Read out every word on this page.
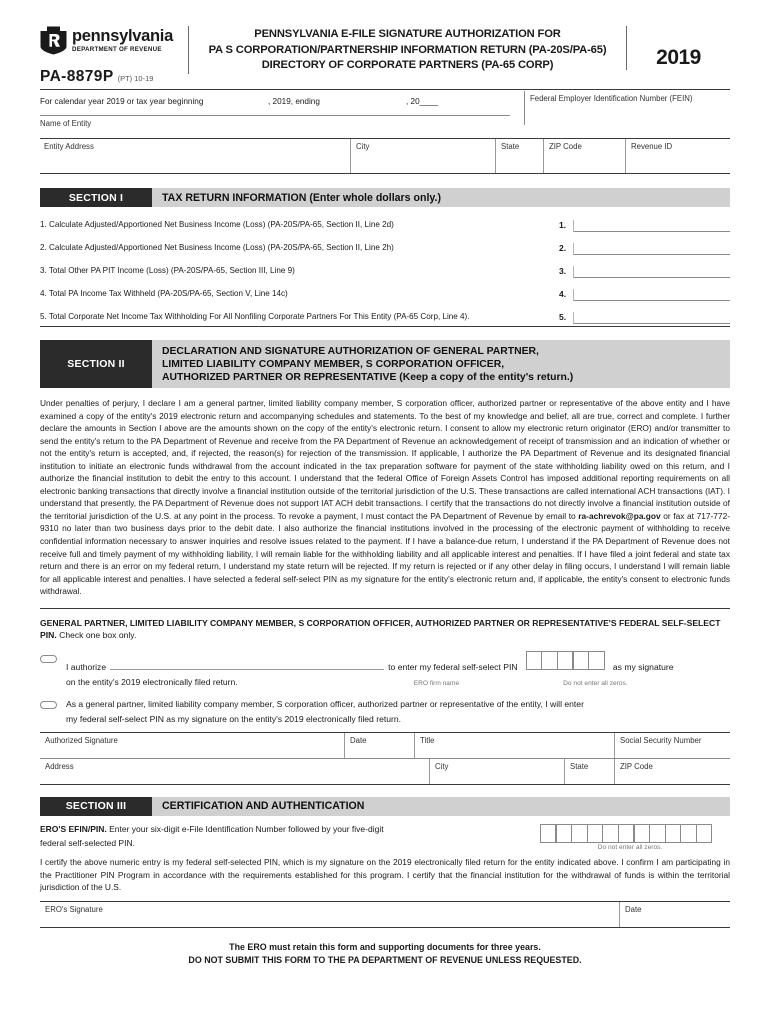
pennsylvania
DEPARTMENT OF REVENUE
PA-8879P (PT) 10-19
PENNSYLVANIA E-FILE SIGNATURE AUTHORIZATION FOR
PA S CORPORATION/PARTNERSHIP INFORMATION RETURN (PA-20S/PA-65)
DIRECTORY OF CORPORATE PARTNERS (PA-65 CORP)	2019
Federal Employer Identification Number (FEIN)
For calendar year 2019 or tax year beginning	, 2019, ending	, 20____
Name of Entity
Entity Address	City	State	ZIP Code	Revenue ID
SECTION I	TAX RETURN INFORMATION (Enter whole dollars only.)
1. Calculate Adjusted/Apportioned Net Business Income (Loss) (PA-20S/PA-65, Section II, Line 2d)	1.
2. Calculate Adjusted/Apportioned Net Business Income (Loss) (PA-20S/PA-65, Section II, Line 2h)	2.
3. Total Other PA PIT Income (Loss) (PA-20S/PA-65, Section III, Line 9)	3.
4. Total PA Income Tax Withheld (PA-20S/PA-65, Section V, Line 14c)	4.
5. Total Corporate Net Income Tax Withholding For All Nonfiling Corporate Partners For This Entity (PA-65 Corp, Line 4).	5.
SECTION II
DECLARATION AND SIGNATURE AUTHORIZATION OF GENERAL PARTNER,
LIMITED LIABILITY COMPANY MEMBER, S CORPORATION OFFICER,
AUTHORIZED PARTNER OR REPRESENTATIVE (Keep a copy of the entity's return.)
Under penalties of perjury, I declare I am a general partner, limited liability company member, S corporation officer, authorized partner or representative of the above entity and I have examined a copy of the entity's 2019 electronic return and accompanying schedules and statements. To the best of my knowledge and belief, all are true, correct and complete. I further declare the amounts in Section I above are the amounts shown on the copy of the entity's electronic return. I consent to allow my electronic return originator (ERO) and/or transmitter to send the entity's return to the PA Department of Revenue and receive from the PA Department of Revenue an acknowledgement of receipt of transmission and an indication of whether or not the entity's return is accepted, and, if rejected, the reason(s) for rejection of the transmission. If applicable, I authorize the PA Department of Revenue and its designated financial institution to initiate an electronic funds withdrawal from the account indicated in the tax preparation software for payment of the state withholding liability owed on this return, and I authorize the financial institution to debit the entry to this account. I understand that the federal Office of Foreign Assets Control has imposed additional reporting requirements on all electronic banking transactions that directly involve a financial institution outside of the territorial jurisdiction of the U.S. These transactions are called international ACH transactions (IAT). I understand that presently, the PA Department of Revenue does not support IAT ACH debit transactions. I certify that the transactions do not directly involve a financial institution outside of the territorial jurisdiction of the U.S. at any point in the process. To revoke a payment, I must contact the PA Department of Revenue by email to ra-achrevok@pa.gov or fax at 717-772-9310 no later than two business days prior to the debit date. I also authorize the financial institutions involved in the processing of the electronic payment of withholding to receive confidential information necessary to answer inquiries and resolve issues related to the payment. If I have a balance-due return, I understand if the PA Department of Revenue does not receive full and timely payment of my withholding liability, I will remain liable for the withholding liability and all applicable interest and penalties. If I have filed a joint federal and state tax return and there is an error on my federal return, I understand my state return will be rejected. If my return is rejected or if any other delay in filing occurs, I understand I will remain liable for all applicable interest and penalties. I have selected a federal self-select PIN as my signature for the entity's electronic return and, if applicable, the entity's consent to electronic funds withdrawal.
GENERAL PARTNER, LIMITED LIABILITY COMPANY MEMBER, S CORPORATION OFFICER, AUTHORIZED PARTNER OR REPRESENTATIVE'S FEDERAL SELF-SELECT PIN. Check one box only.
I authorize	to enter my federal self-select PIN	as my signature
on the entity's 2019 electronically filed return.	ERO firm name	Do not enter all zeros.
As a general partner, limited liability company member, S corporation officer, authorized partner or representative of the entity, I will enter
my federal self-select PIN as my signature on the entity's 2019 electronically filed return.
Authorized Signature	Date	Title	Social Security Number
Address	City	State	ZIP Code
SECTION III	CERTIFICATION AND AUTHENTICATION
ERO'S EFIN/PIN. Enter your six-digit e-File Identification Number followed by your five-digit
federal self-selected PIN.	Do not enter all zeros.
I certify the above numeric entry is my federal self-selected PIN, which is my signature on the 2019 electronically filed return for the entity indicated above. I confirm I am participating in the Practitioner PIN Program in accordance with the requirements established for this program. I certify that the financial institution for the withdrawal of funds is within the territorial jurisdiction of the U.S.
ERO's Signature	Date
The ERO must retain this form and supporting documents for three years.
DO NOT SUBMIT THIS FORM TO THE PA DEPARTMENT OF REVENUE UNLESS REQUESTED.
